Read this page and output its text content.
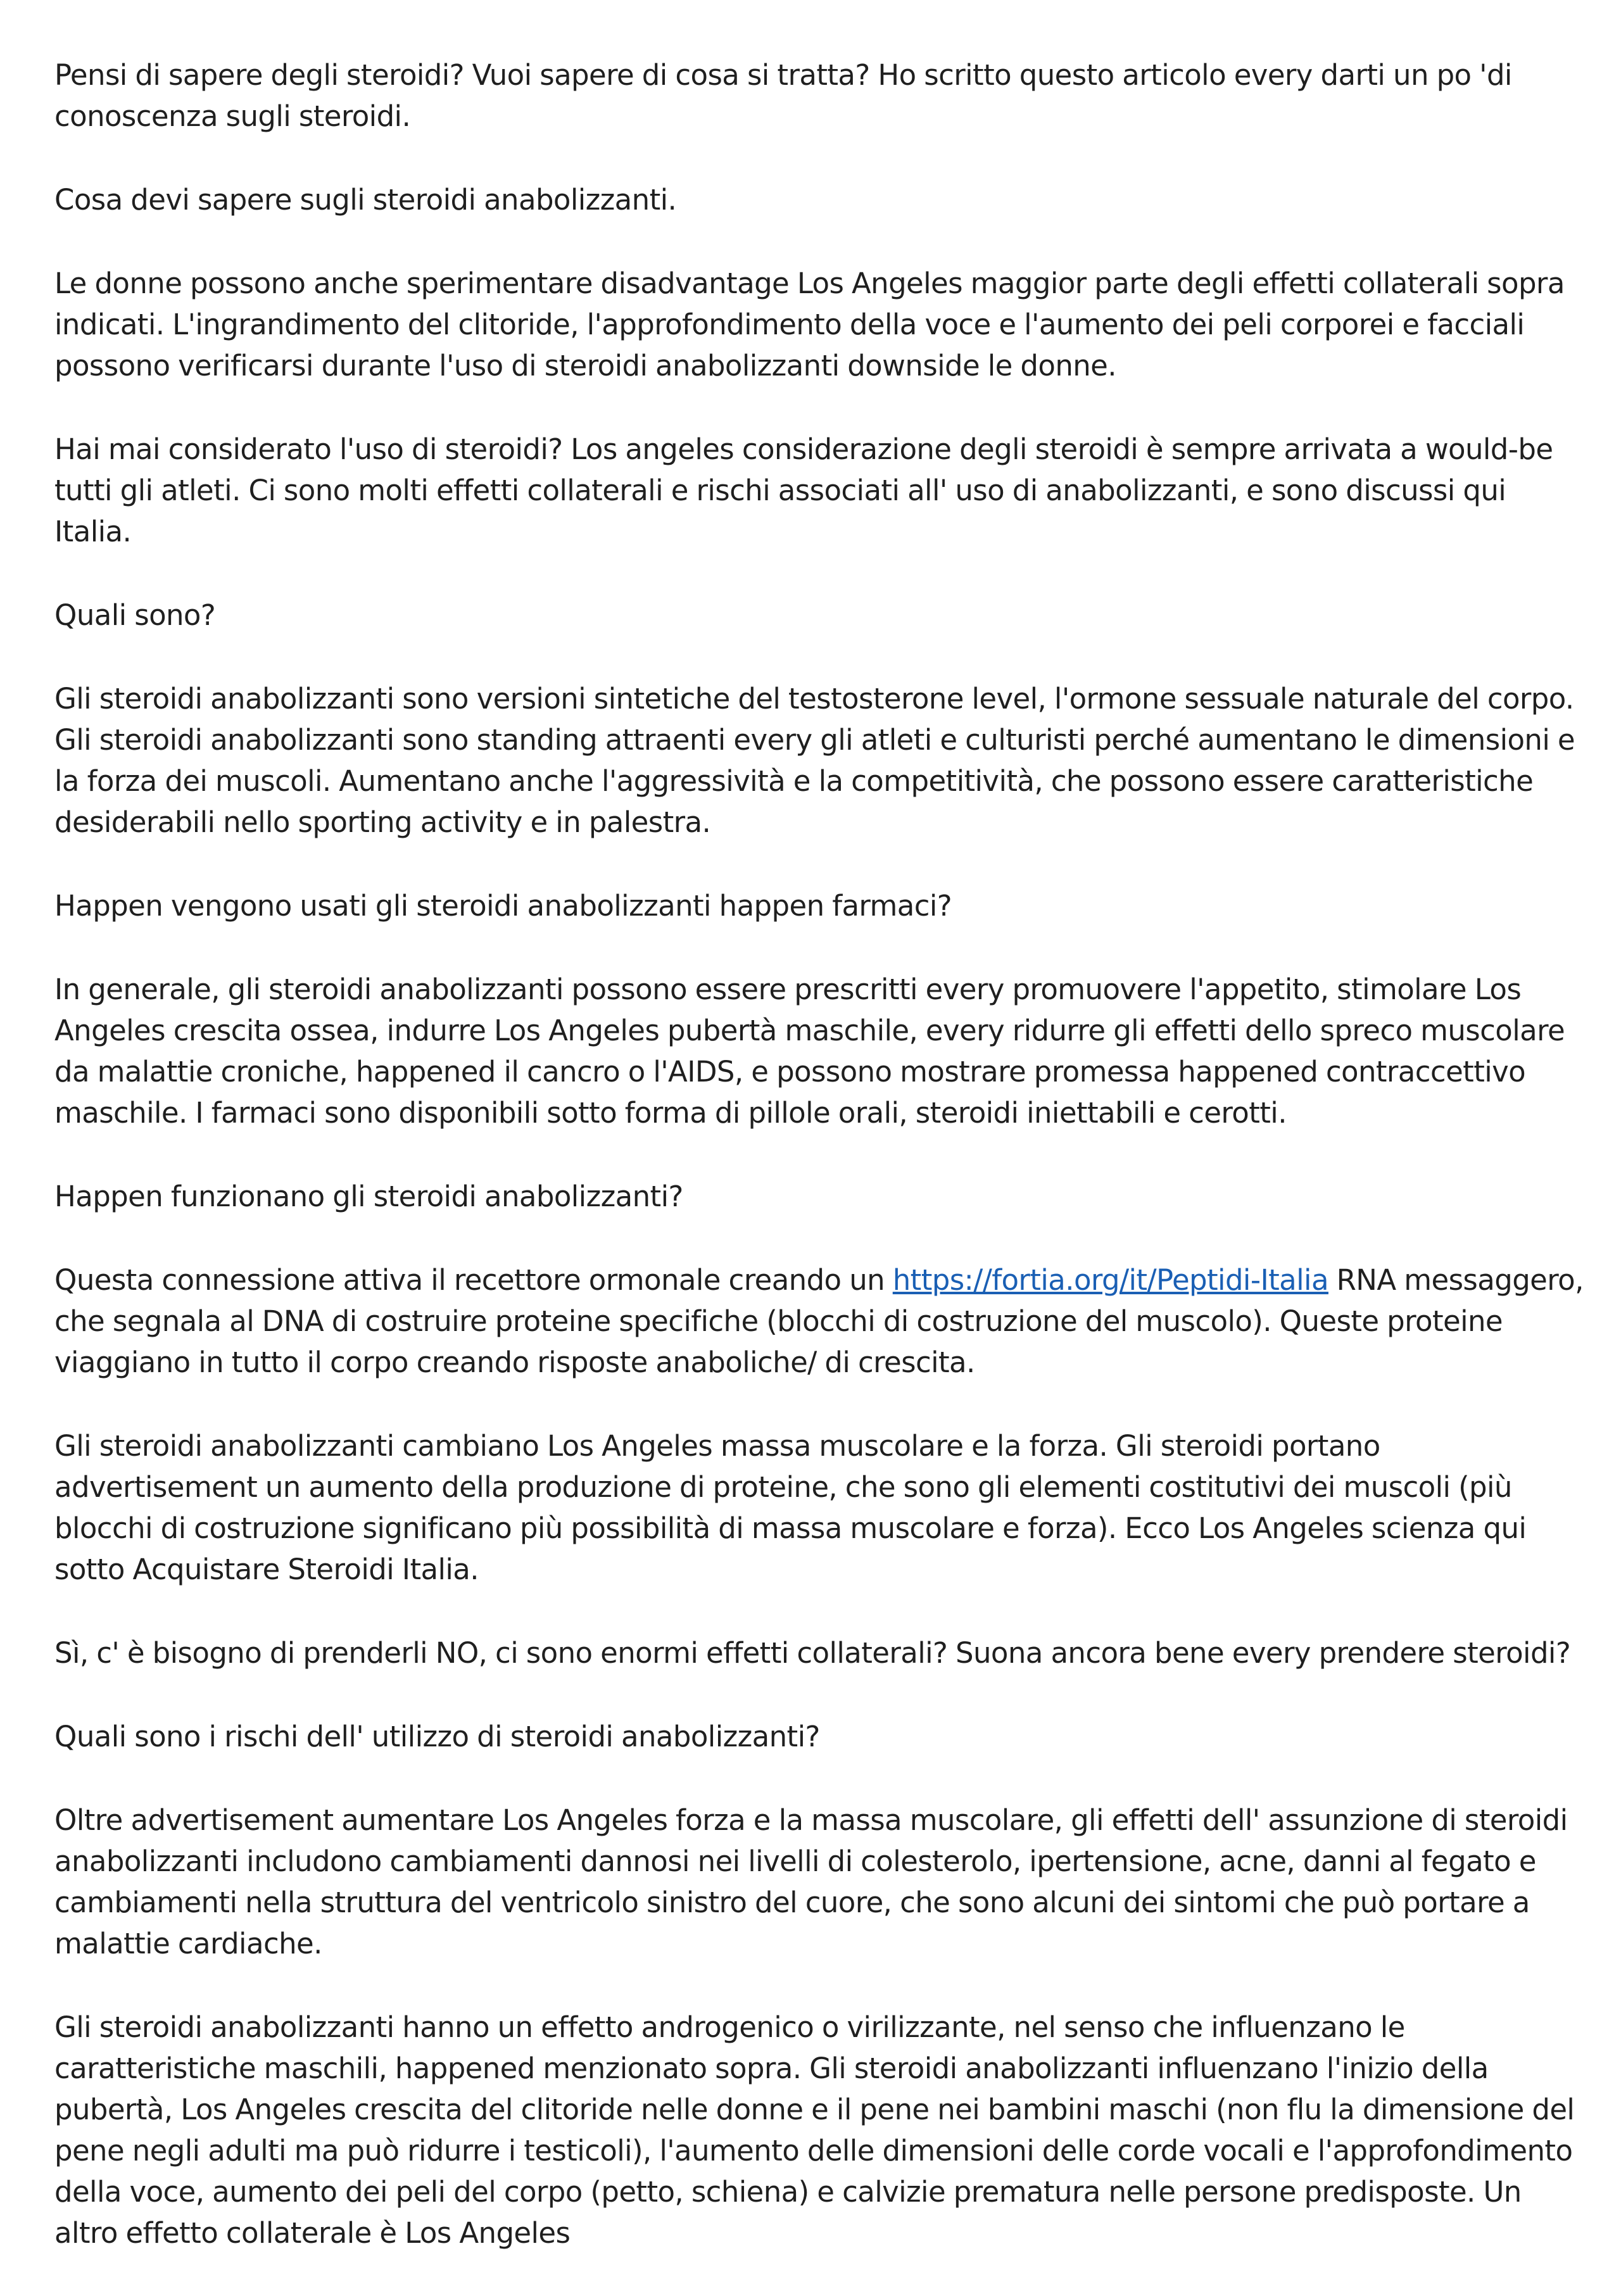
Pensi di sapere degli steroidi? Vuoi sapere di cosa si tratta? Ho scritto questo articolo every darti un po 'di conoscenza sugli steroidi.

Cosa devi sapere sugli steroidi anabolizzanti.

Le donne possono anche sperimentare disadvantage Los Angeles maggior parte degli effetti collaterali sopra indicati. L'ingrandimento del clitoride, l'approfondimento della voce e l'aumento dei peli corporei e facciali possono verificarsi durante l'uso di steroidi anabolizzanti downside le donne.

Hai mai considerato l'uso di steroidi? Los angeles considerazione degli steroidi è sempre arrivata a would-be tutti gli atleti. Ci sono molti effetti collaterali e rischi associati all' uso di anabolizzanti, e sono discussi qui Italia.

Quali sono?

Gli steroidi anabolizzanti sono versioni sintetiche del testosterone level, l'ormone sessuale naturale del corpo. Gli steroidi anabolizzanti sono standing attraenti every gli atleti e culturisti perché aumentano le dimensioni e la forza dei muscoli. Aumentano anche l'aggressività e la competitività, che possono essere caratteristiche desiderabili nello sporting activity e in palestra.

Happen vengono usati gli steroidi anabolizzanti happen farmaci?

In generale, gli steroidi anabolizzanti possono essere prescritti every promuovere l'appetito, stimolare Los Angeles crescita ossea, indurre Los Angeles pubertà maschile, every ridurre gli effetti dello spreco muscolare da malattie croniche, happened il cancro o l'AIDS, e possono mostrare promessa happened contraccettivo maschile. I farmaci sono disponibili sotto forma di pillole orali, steroidi iniettabili e cerotti.

Happen funzionano gli steroidi anabolizzanti?

Questa connessione attiva il recettore ormonale creando un https://fortia.org/it/Peptidi-Italia RNA messaggero, che segnala al DNA di costruire proteine specifiche (blocchi di costruzione del muscolo). Queste proteine viaggiano in tutto il corpo creando risposte anaboliche/ di crescita.

Gli steroidi anabolizzanti cambiano Los Angeles massa muscolare e la forza. Gli steroidi portano advertisement un aumento della produzione di proteine, che sono gli elementi costitutivi dei muscoli (più blocchi di costruzione significano più possibilità di massa muscolare e forza). Ecco Los Angeles scienza qui sotto Acquistare Steroidi Italia.

Sì, c' è bisogno di prenderli NO, ci sono enormi effetti collaterali? Suona ancora bene every prendere steroidi?

Quali sono i rischi dell' utilizzo di steroidi anabolizzanti?

Oltre advertisement aumentare Los Angeles forza e la massa muscolare, gli effetti dell' assunzione di steroidi anabolizzanti includono cambiamenti dannosi nei livelli di colesterolo, ipertensione, acne, danni al fegato e cambiamenti nella struttura del ventricolo sinistro del cuore, che sono alcuni dei sintomi che può portare a malattie cardiache.

Gli steroidi anabolizzanti hanno un effetto androgenico o virilizzante, nel senso che influenzano le caratteristiche maschili, happened menzionato sopra. Gli steroidi anabolizzanti influenzano l'inizio della pubertà, Los Angeles crescita del clitoride nelle donne e il pene nei bambini maschi (non flu la dimensione del pene negli adulti ma può ridurre i testicoli), l'aumento delle dimensioni delle corde vocali e l'approfondimento della voce, aumento dei peli del corpo (petto, schiena) e calvizie prematura nelle persone predisposte. Un altro effetto collaterale è Los Angeles
